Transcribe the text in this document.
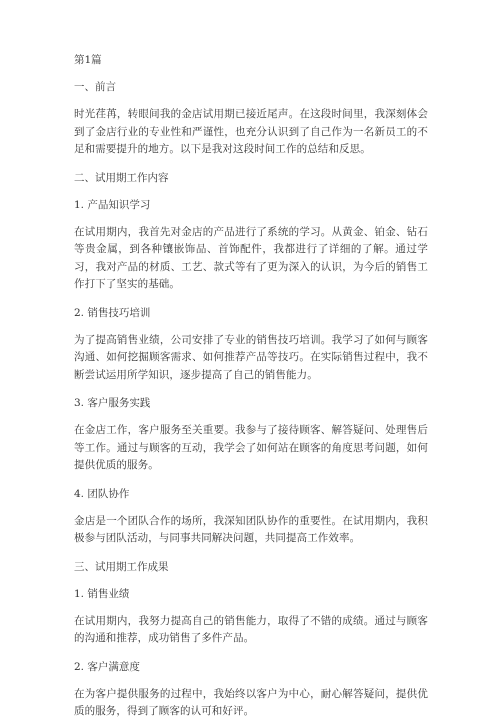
第1篇
一、前言
时光荏苒，转眼间我的金店试用期已接近尾声。在这段时间里，我深刻体会到了金店行业的专业性和严谨性，也充分认识到了自己作为一名新员工的不足和需要提升的地方。以下是我对这段时间工作的总结和反思。
二、试用期工作内容
1. 产品知识学习
在试用期内，我首先对金店的产品进行了系统的学习。从黄金、铂金、钻石等贵金属，到各种镶嵌饰品、首饰配件，我都进行了详细的了解。通过学习，我对产品的材质、工艺、款式等有了更为深入的认识，为今后的销售工作打下了坚实的基础。
2. 销售技巧培训
为了提高销售业绩，公司安排了专业的销售技巧培训。我学习了如何与顾客沟通、如何挖掘顾客需求、如何推荐产品等技巧。在实际销售过程中，我不断尝试运用所学知识，逐步提高了自己的销售能力。
3. 客户服务实践
在金店工作，客户服务至关重要。我参与了接待顾客、解答疑问、处理售后等工作。通过与顾客的互动，我学会了如何站在顾客的角度思考问题，如何提供优质的服务。
4. 团队协作
金店是一个团队合作的场所，我深知团队协作的重要性。在试用期内，我积极参与团队活动，与同事共同解决问题，共同提高工作效率。
三、试用期工作成果
1. 销售业绩
在试用期内，我努力提高自己的销售能力，取得了不错的成绩。通过与顾客的沟通和推荐，成功销售了多件产品。
2. 客户满意度
在为客户提供服务的过程中，我始终以客户为中心，耐心解答疑问，提供优质的服务，得到了顾客的认可和好评。
